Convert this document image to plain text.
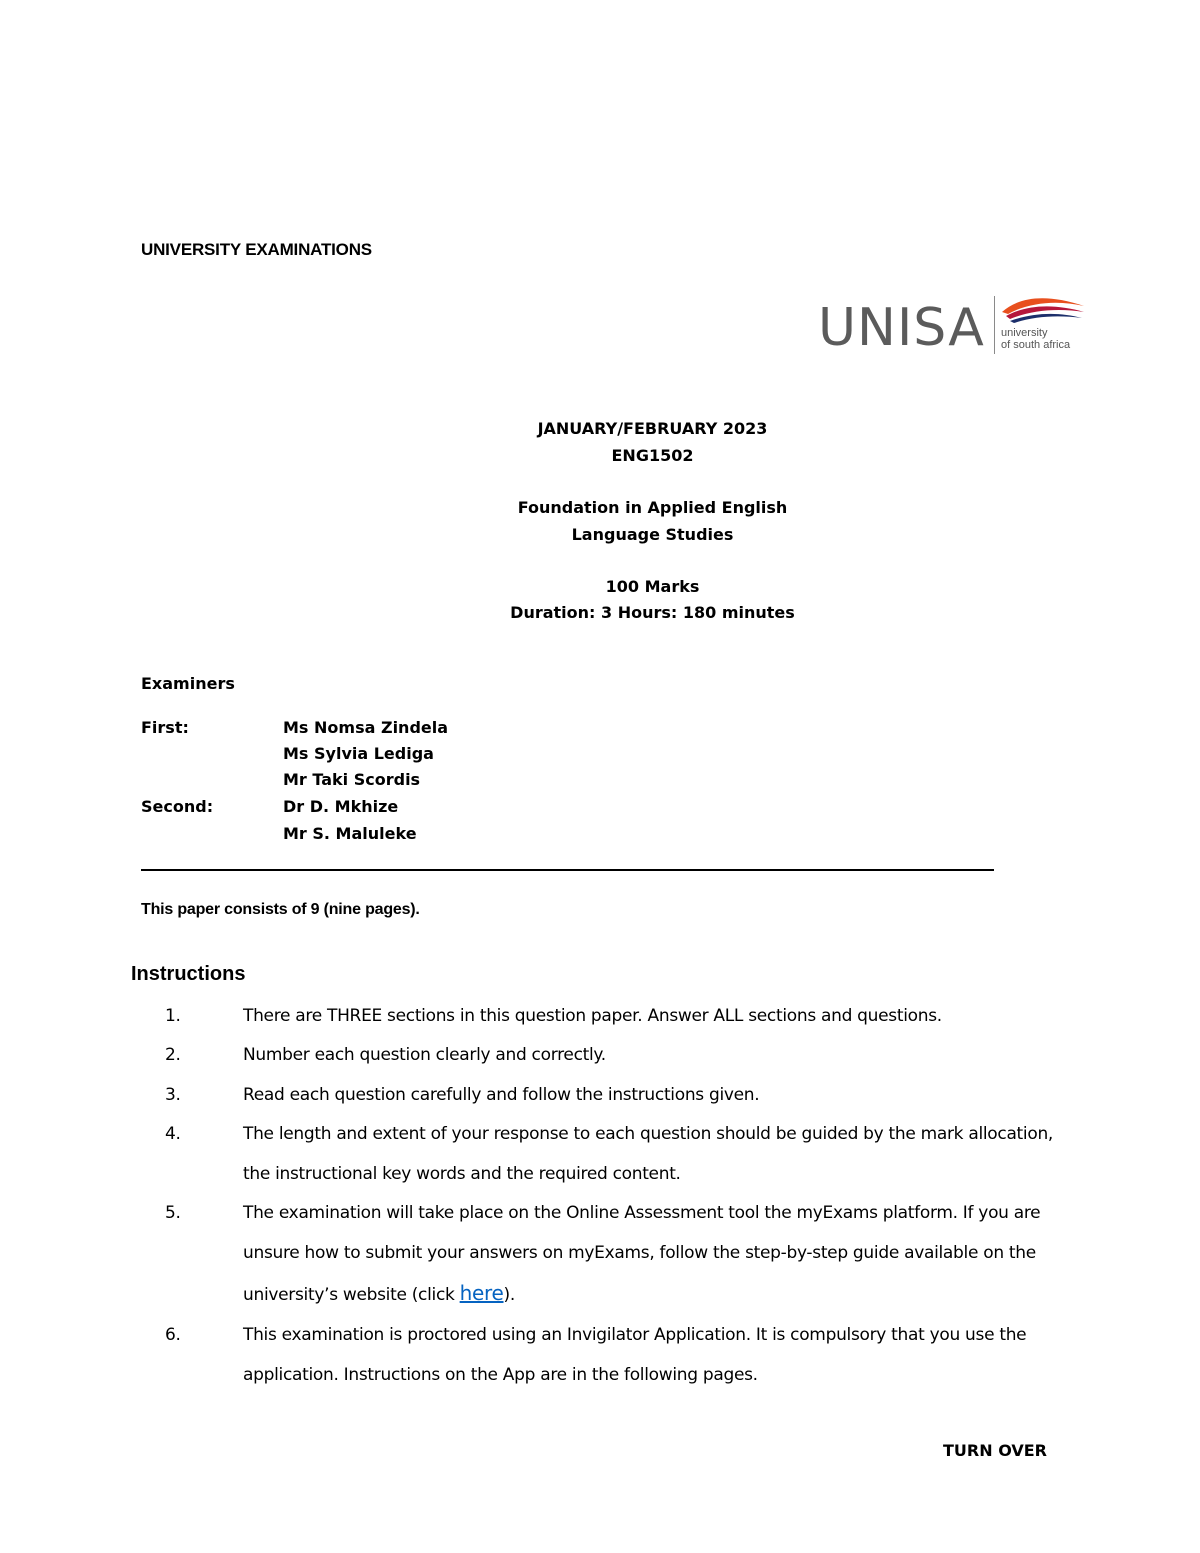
UNIVERSITY EXAMINATIONS
UNISA university
of south africa
JANUARY/FEBRUARY 2023
ENG1502
Foundation in Applied English
Language Studies
100 Marks
Duration: 3 Hours: 180 minutes
Examiners
First:	Ms Nomsa Zindela
Ms Sylvia Lediga
Mr Taki Scordis
Second:	Dr D. Mkhize
Mr S. Maluleke
This paper consists of 9 (nine pages).
Instructions
1.	There are THREE sections in this question paper. Answer ALL sections and questions.
2.	Number each question clearly and correctly.
3.	Read each question carefully and follow the instructions given.
4.	The length and extent of your response to each question should be guided by the mark allocation,
the instructional key words and the required content.
5.	The examination will take place on the Online Assessment tool the myExams platform. If you are
unsure how to submit your answers on myExams, follow the step-by-step guide available on the
university’s website (click here).
6.	This examination is proctored using an Invigilator Application. It is compulsory that you use the
application. Instructions on the App are in the following pages.
TURN OVER
